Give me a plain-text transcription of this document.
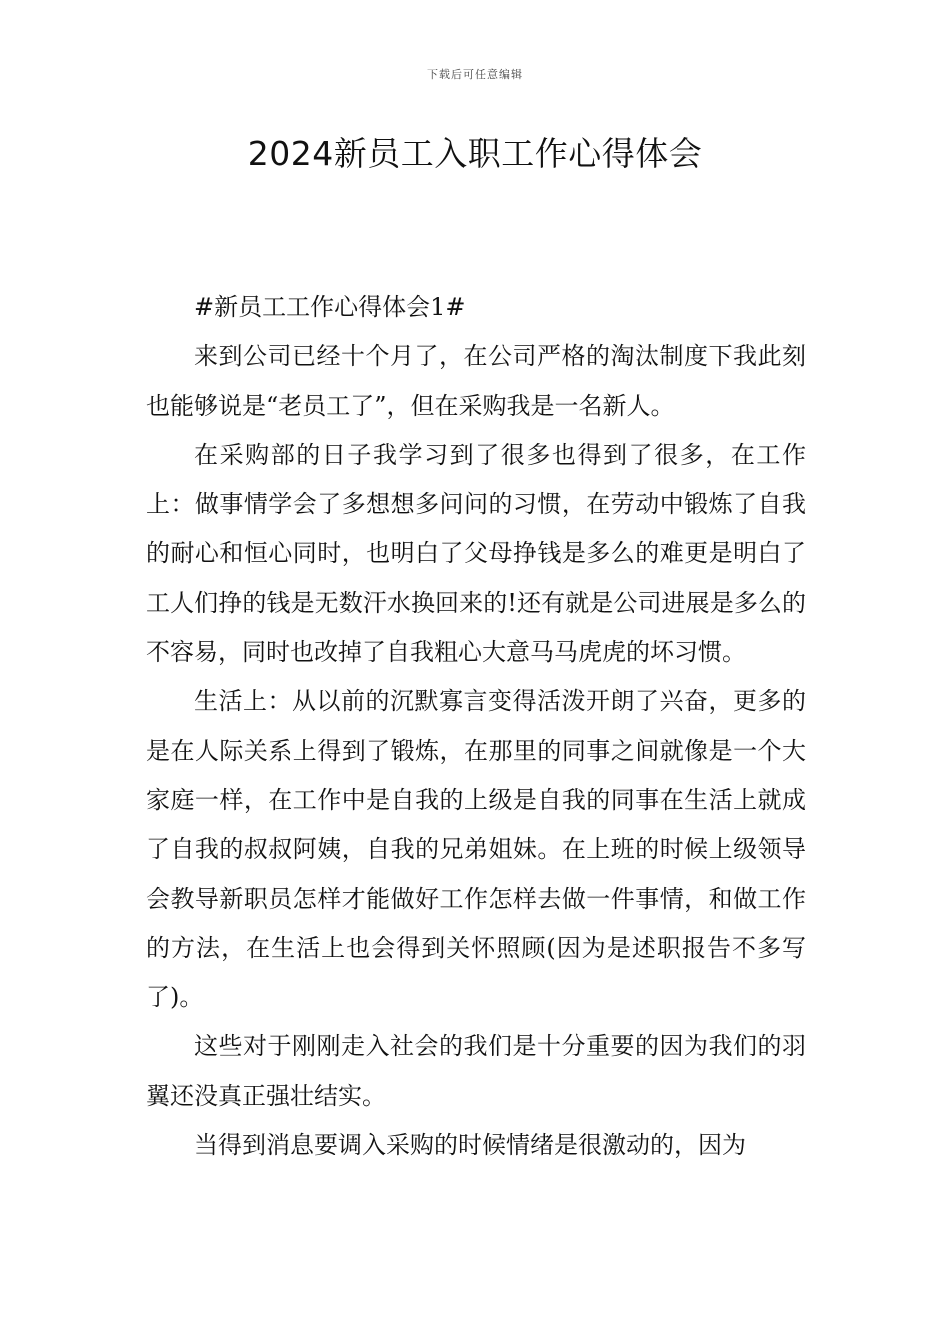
下载后可任意编辑
2024新员工入职工作心得体会

#新员工工作心得体会1#

来到公司已经十个月了，在公司严格的淘汰制度下我此刻也能够说是“老员工了”，但在采购我是一名新人。

在采购部的日子我学习到了很多也得到了很多，在工作上：做事情学会了多想想多问问的习惯，在劳动中锻炼了自我的耐心和恒心同时，也明白了父母挣钱是多么的难更是明白了工人们挣的钱是无数汗水换回来的!还有就是公司进展是多么的不容易，同时也改掉了自我粗心大意马马虎虎的坏习惯。

生活上：从以前的沉默寡言变得活泼开朗了兴奋，更多的是在人际关系上得到了锻炼，在那里的同事之间就像是一个大家庭一样，在工作中是自我的上级是自我的同事在生活上就成了自我的叔叔阿姨，自我的兄弟姐妹。在上班的时候上级领导会教导新职员怎样才能做好工作怎样去做一件事情，和做工作的方法，在生活上也会得到关怀照顾(因为是述职报告不多写了)。

这些对于刚刚走入社会的我们是十分重要的因为我们的羽翼还没真正强壮结实。

当得到消息要调入采购的时候情绪是很激动的，因为
